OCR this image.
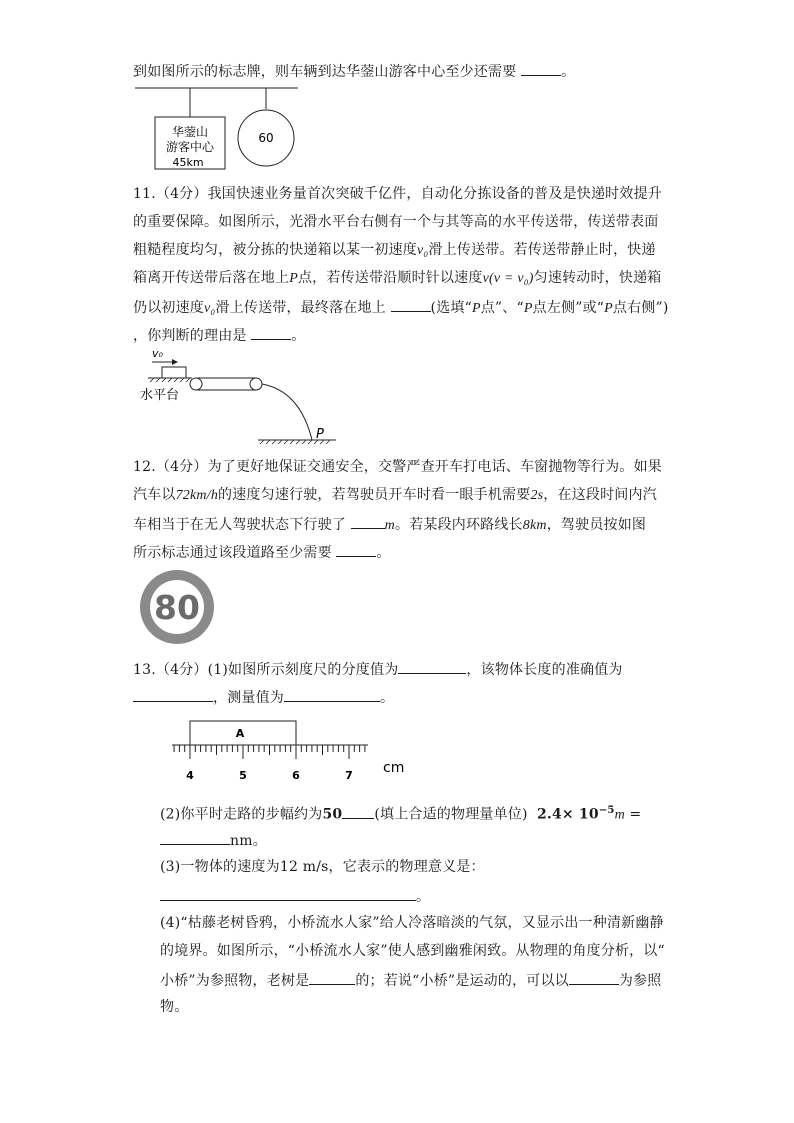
到如图所示的标志牌，则车辆到达华蓥山游客中心至少还需要	。
华蓥山
游客中心
45km
60
11.（4分）我国快速业务量首次突破千亿件，自动化分拣设备的普及是快递时效提升
的重要保障。如图所示，光滑水平台右侧有一个与其等高的水平传送带，传送带表面
粗糙程度均匀，被分拣的快递箱以某一初速度v₀滑上传送带。若传送带静止时，快递
箱离开传送带后落在地上P点，若传送带沿顺时针以速度v(v = v₀)匀速转动时，快递箱
仍以初速度v₀滑上传送带，最终落在地上	(选填“P点”、“P点左侧”或“P点右侧”)
，你判断的理由是	。
v₀
水平台
P
12.（4分）为了更好地保证交通安全，交警严查开车打电话、车窗抛物等行为。如果
汽车以72km/h的速度匀速行驶，若驾驶员开车时看一眼手机需要2s，在这段时间内汽
车相当于在无人驾驶状态下行驶了	m。若某段内环路线长8km，驾驶员按如图
所示标志通过该段道路至少需要	。
80
13.（4分）(1)如图所示刻度尺的分度值为	，该物体长度的准确值为
，测量值为	。
A
4	5	6	7 cm
(2)你平时走路的步幅约为50 (填上合适的物理量单位) $2.4\times 10^{-5}m$ =
nm。
(3)一物体的速度为12 m/s，它表示的物理意义是：
。
(4)“枯藤老树昏鸦，小桥流水人家”给人冷落暗淡的气氛，又显示出一种清新幽静
的境界。如图所示，“小桥流水人家”使人感到幽雅闲致。从物理的角度分析，以“
小桥”为参照物，老树是	的；若说“小桥”是运动的，可以以	为参照
物。
